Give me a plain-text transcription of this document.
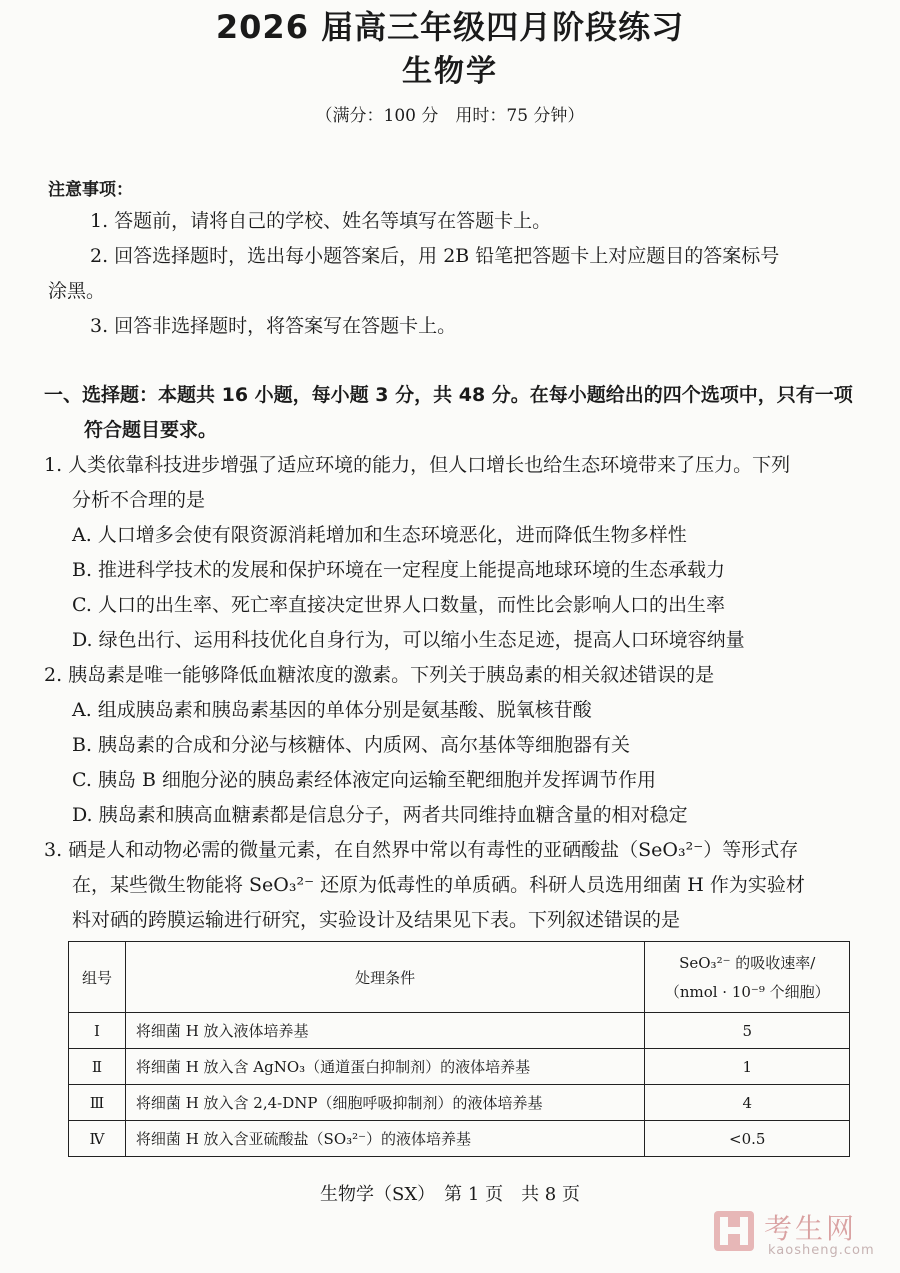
2026 届高三年级四月阶段练习
生物学
（满分：100 分　用时：75 分钟）
注意事项：
1. 答题前，请将自己的学校、姓名等填写在答题卡上。
2. 回答选择题时，选出每小题答案后，用 2B 铅笔把答题卡上对应题目的答案标号
涂黑。
3. 回答非选择题时，将答案写在答题卡上。
一、选择题：本题共 16 小题，每小题 3 分，共 48 分。在每小题给出的四个选项中，只有一项
符合题目要求。
1. 人类依靠科技进步增强了适应环境的能力，但人口增长也给生态环境带来了压力。下列
分析不合理的是
A. 人口增多会使有限资源消耗增加和生态环境恶化，进而降低生物多样性
B. 推进科学技术的发展和保护环境在一定程度上能提高地球环境的生态承载力
C. 人口的出生率、死亡率直接决定世界人口数量，而性比会影响人口的出生率
D. 绿色出行、运用科技优化自身行为，可以缩小生态足迹，提高人口环境容纳量
2. 胰岛素是唯一能够降低血糖浓度的激素。下列关于胰岛素的相关叙述错误的是
A. 组成胰岛素和胰岛素基因的单体分别是氨基酸、脱氧核苷酸
B. 胰岛素的合成和分泌与核糖体、内质网、高尔基体等细胞器有关
C. 胰岛 B 细胞分泌的胰岛素经体液定向运输至靶细胞并发挥调节作用
D. 胰岛素和胰高血糖素都是信息分子，两者共同维持血糖含量的相对稳定
3. 硒是人和动物必需的微量元素，在自然界中常以有毒性的亚硒酸盐（SeO₃²⁻）等形式存
在，某些微生物能将 SeO₃²⁻ 还原为低毒性的单质硒。科研人员选用细菌 H 作为实验材
料对硒的跨膜运输进行研究，实验设计及结果见下表。下列叙述错误的是
组号	处理条件	SeO₃²⁻ 的吸收速率/
（nmol · 10⁻⁹ 个细胞）

Ⅰ	将细菌 H 放入液体培养基	5
Ⅱ	将细菌 H 放入含 AgNO₃（通道蛋白抑制剂）的液体培养基	1
Ⅲ	将细菌 H 放入含 2,4-DNP（细胞呼吸抑制剂）的液体培养基	4
Ⅳ	将细菌 H 放入含亚硫酸盐（SO₃²⁻）的液体培养基	<0.5
生物学（SX）　第 1 页　共 8 页
考生网
kaosheng.com
